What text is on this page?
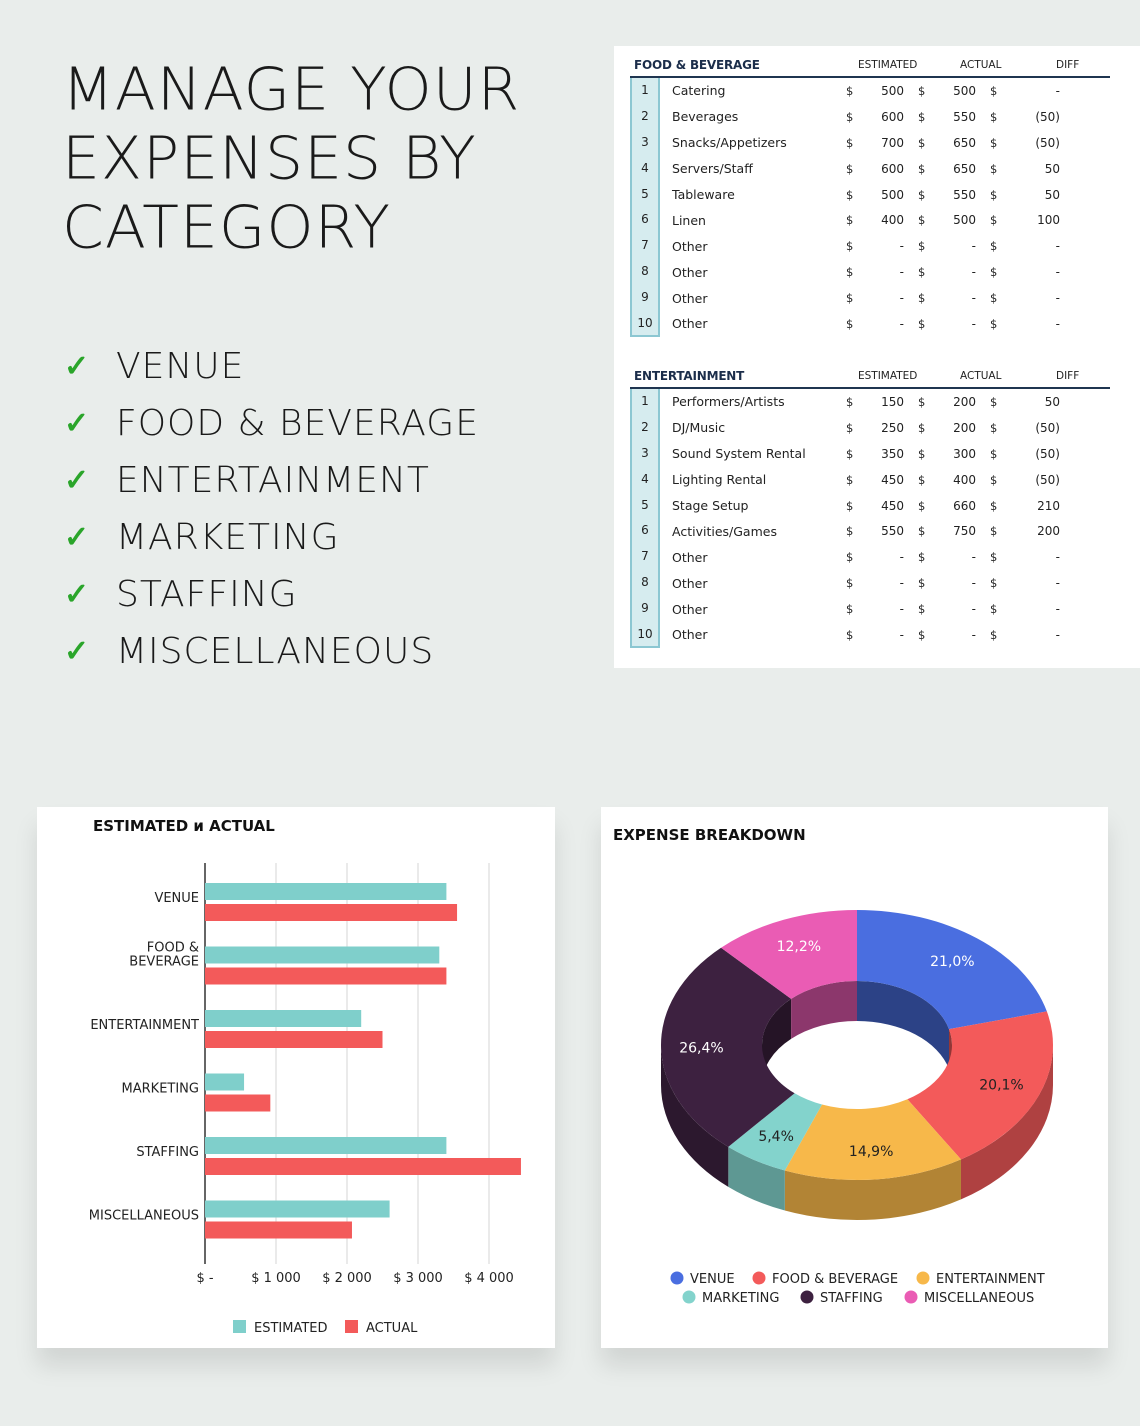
MANAGE YOUR
EXPENSES BY
CATEGORY
✓ VENUE
✓ FOOD & BEVERAGE
✓ ENTERTAINMENT
✓ MARKETING
✓ STAFFING
✓ MISCELLANEOUS
FOOD & BEVERAGE	ESTIMATED	ACTUAL	DIFF
1	Catering	$	500	$	500	$	-
2	Beverages	$	600	$	550	$	(50)
3	Snacks/Appetizers	$	700	$	650	$	(50)
4	Servers/Staff	$	600	$	650	$	50
5	Tableware	$	500	$	550	$	50
6	Linen	$	400	$	500	$	100
7	Other	$	-	$	-	$	-
8	Other	$	-	$	-	$	-
9	Other	$	-	$	-	$	-
10	Other	$	-	$	-	$	-
ENTERTAINMENT	ESTIMATED	ACTUAL	DIFF
1	Performers/Artists	$	150	$	200	$	50
2	DJ/Music	$	250	$	200	$	(50)
3	Sound System Rental	$	350	$	300	$	(50)
4	Lighting Rental	$	450	$	400	$	(50)
5	Stage Setup	$	450	$	660	$	210
6	Activities/Games	$	550	$	750	$	200
7	Other	$	-	$	-	$	-
8	Other	$	-	$	-	$	-
9	Other	$	-	$	-	$	-
10	Other	$	-	$	-	$	-
ESTIMATED и ACTUAL
$ -	$ 1 000 $ 2 000 $ 3 000 $ 4 000
VENUE
FOOD &
BEVERAGE
ENTERTAINMENT
MARKETING
STAFFING
MISCELLANEOUS
ESTIMATED	ACTUAL
EXPENSE BREAKDOWN
21,0%
20,1%
14,9%
5,4%
26,4%
12,2%
VENUE	FOOD & BEVERAGE	ENTERTAINMENT
MARKETING	STAFFING	MISCELLANEOUS
